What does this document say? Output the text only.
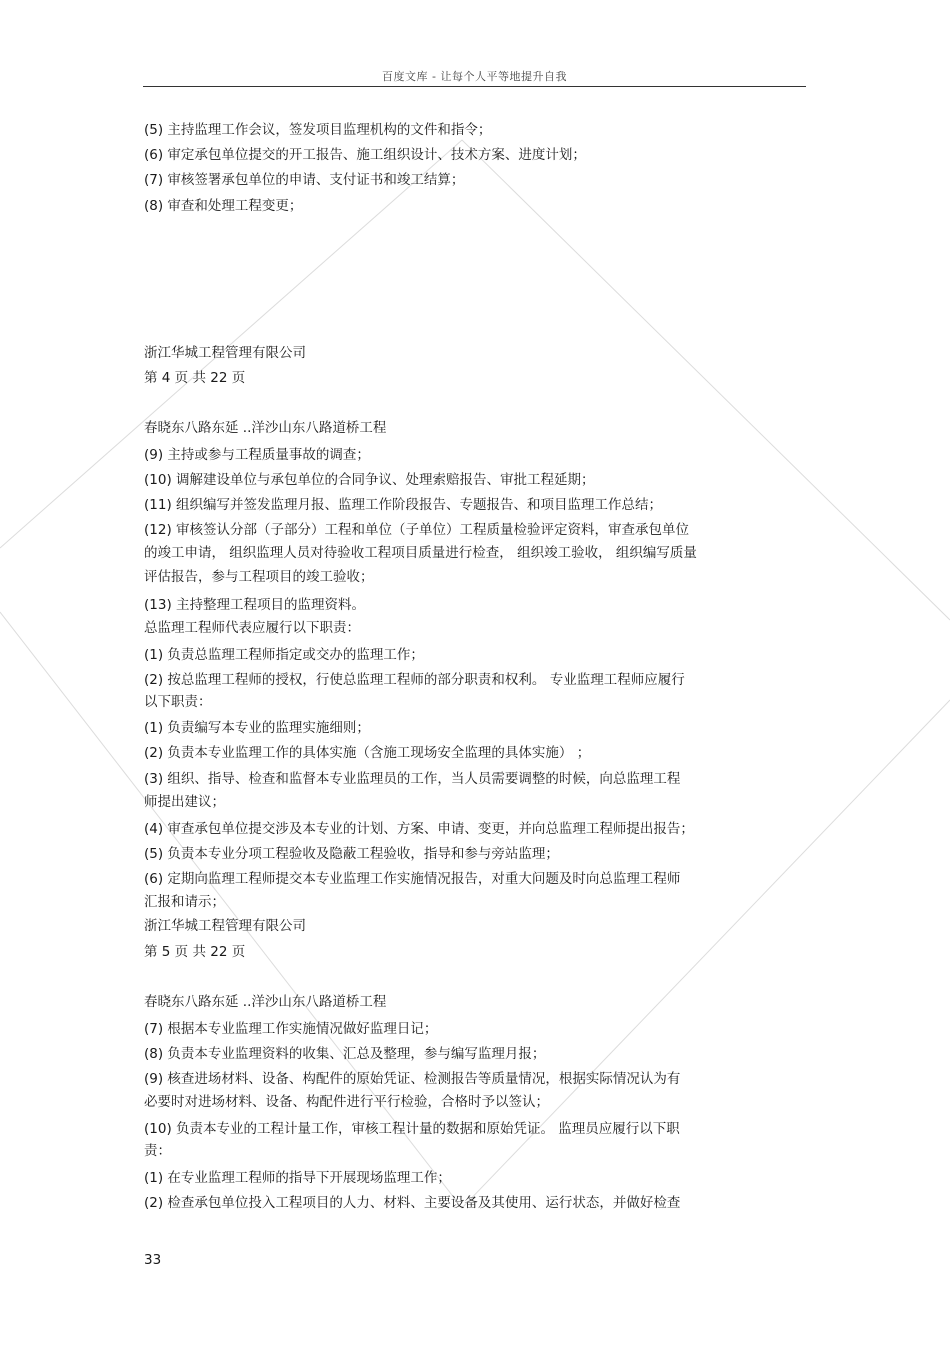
百度文库 - 让每个人平等地提升自我
(5) 主持监理工作会议，签发项目监理机构的文件和指令；
(6) 审定承包单位提交的开工报告、施工组织设计、技术方案、进度计划；
(7) 审核签署承包单位的申请、支付证书和竣工结算；
(8) 审查和处理工程变更；
浙江华城工程管理有限公司
第 4 页 共 22 页
春晓东八路东延 ..洋沙山东八路道桥工程
(9) 主持或参与工程质量事故的调查；
(10) 调解建设单位与承包单位的合同争议、处理索赔报告、审批工程延期；
(11) 组织编写并签发监理月报、监理工作阶段报告、专题报告、和项目监理工作总结；
(12) 审核签认分部（子部分）工程和单位（子单位）工程质量检验评定资料，审查承包单位
的竣工申请， 组织监理人员对待验收工程项目质量进行检查， 组织竣工验收， 组织编写质量
评估报告，参与工程项目的竣工验收；
(13) 主持整理工程项目的监理资料。
总监理工程师代表应履行以下职责：
(1) 负责总监理工程师指定或交办的监理工作；
(2) 按总监理工程师的授权，行使总监理工程师的部分职责和权利。 专业监理工程师应履行
以下职责：
(1) 负责编写本专业的监理实施细则；
(2) 负责本专业监理工作的具体实施（含施工现场安全监理的具体实施） ；
(3) 组织、指导、检查和监督本专业监理员的工作，当人员需要调整的时候，向总监理工程
师提出建议；
(4) 审查承包单位提交涉及本专业的计划、方案、申请、变更，并向总监理工程师提出报告；
(5) 负责本专业分项工程验收及隐蔽工程验收，指导和参与旁站监理；
(6) 定期向监理工程师提交本专业监理工作实施情况报告，对重大问题及时向总监理工程师
汇报和请示；
浙江华城工程管理有限公司
第 5 页 共 22 页
春晓东八路东延 ..洋沙山东八路道桥工程
(7) 根据本专业监理工作实施情况做好监理日记；
(8) 负责本专业监理资料的收集、汇总及整理，参与编写监理月报；
(9) 核查进场材料、设备、构配件的原始凭证、检测报告等质量情况，根据实际情况认为有
必要时对进场材料、设备、构配件进行平行检验，合格时予以签认；
(10) 负责本专业的工程计量工作，审核工程计量的数据和原始凭证。 监理员应履行以下职
责：
(1) 在专业监理工程师的指导下开展现场监理工作；
(2) 检查承包单位投入工程项目的人力、材料、主要设备及其使用、运行状态，并做好检查
33
